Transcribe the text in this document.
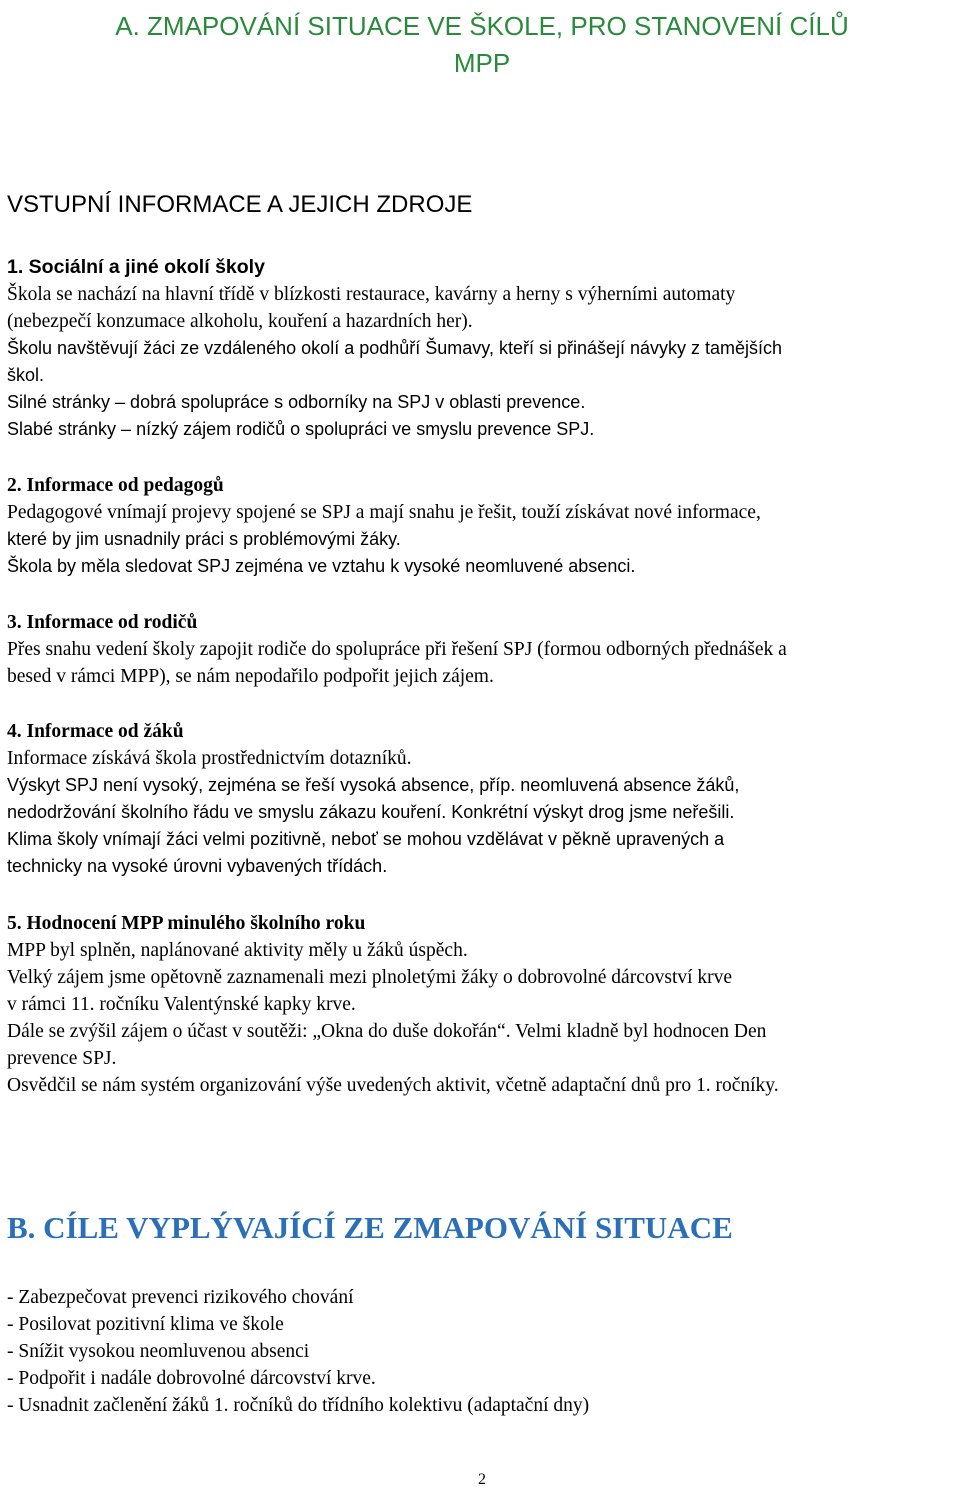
A. ZMAPOVÁNÍ SITUACE VE ŠKOLE, PRO STANOVENÍ CÍLŮ
MPP
VSTUPNÍ INFORMACE A JEJICH ZDROJE
1. Sociální a jiné okolí školy

Škola se nachází na hlavní třídě v blízkosti restaurace, kavárny a herny s výherními automaty

(nebezpečí konzumace alkoholu, kouření a hazardních her).

Školu navštěvují žáci ze vzdáleného okolí a podhůří Šumavy, kteří si přinášejí návyky z tamějších

škol.

Silné stránky – dobrá spolupráce s odborníky na SPJ v oblasti prevence.

Slabé stránky – nízký zájem rodičů o spolupráci ve smyslu prevence SPJ.

2. Informace od pedagogů

Pedagogové vnímají projevy spojené se SPJ a mají snahu je řešit, touží získávat nové informace,

které by jim usnadnily práci s problémovými žáky.

Škola by měla sledovat SPJ zejména ve vztahu k vysoké neomluvené absenci.

3. Informace od rodičů

Přes snahu vedení školy zapojit rodiče do spolupráce při řešení SPJ (formou odborných přednášek a

besed v rámci MPP), se nám nepodařilo podpořit jejich zájem.

4. Informace od žáků

Informace získává škola prostřednictvím dotazníků.

Výskyt SPJ není vysoký, zejména se řeší vysoká absence, příp. neomluvená absence žáků,

nedodržování školního řádu ve smyslu zákazu kouření. Konkrétní výskyt drog jsme neřešili.

Klima školy vnímají žáci velmi pozitivně, neboť se mohou vzdělávat v pěkně upravených a

technicky na vysoké úrovni vybavených třídách.

5. Hodnocení MPP minulého školního roku

MPP byl splněn, naplánované aktivity měly u žáků úspěch.

Velký zájem jsme opětovně zaznamenali mezi plnoletými žáky o dobrovolné dárcovství krve

v rámci 11. ročníku Valentýnské kapky krve.

Dále se zvýšil zájem o účast v soutěži: „Okna do duše dokořán“. Velmi kladně byl hodnocen Den

prevence SPJ.

Osvědčil se nám systém organizování výše uvedených aktivit, včetně adaptační dnů pro 1. ročníky.

B. CÍLE VYPLÝVAJÍCÍ ZE ZMAPOVÁNÍ SITUACE
- Zabezpečovat prevenci rizikového chování
- Posilovat pozitivní klima ve škole
- Snížit vysokou neomluvenou absenci
- Podpořit i nadále dobrovolné dárcovství krve.
- Usnadnit začlenění žáků 1. ročníků do třídního kolektivu (adaptační dny)
2
